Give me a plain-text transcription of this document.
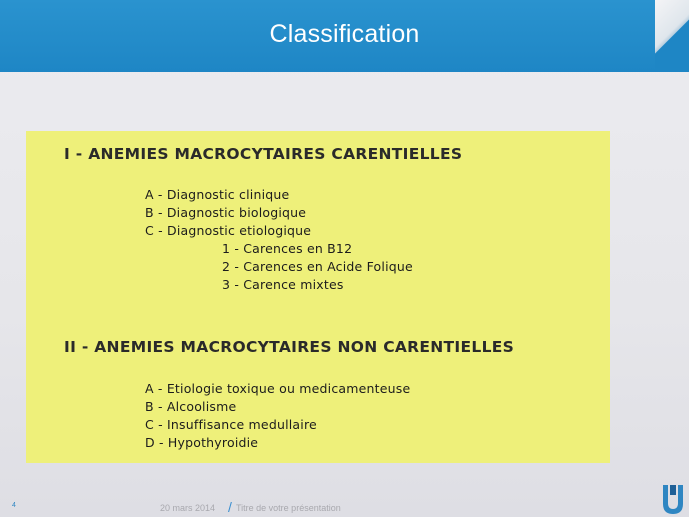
Classification
I - ANEMIES MACROCYTAIRES CARENTIELLES
A - Diagnostic clinique
B - Diagnostic biologique
C - Diagnostic etiologique
1 - Carences en B12
2 - Carences en Acide Folique
3 - Carence mixtes
II - ANEMIES MACROCYTAIRES NON CARENTIELLES
A - Etiologie toxique ou medicamenteuse
B - Alcoolisme
C - Insuffisance medullaire
D - Hypothyroidie
4	20 mars 2014 / Titre de votre présentation
